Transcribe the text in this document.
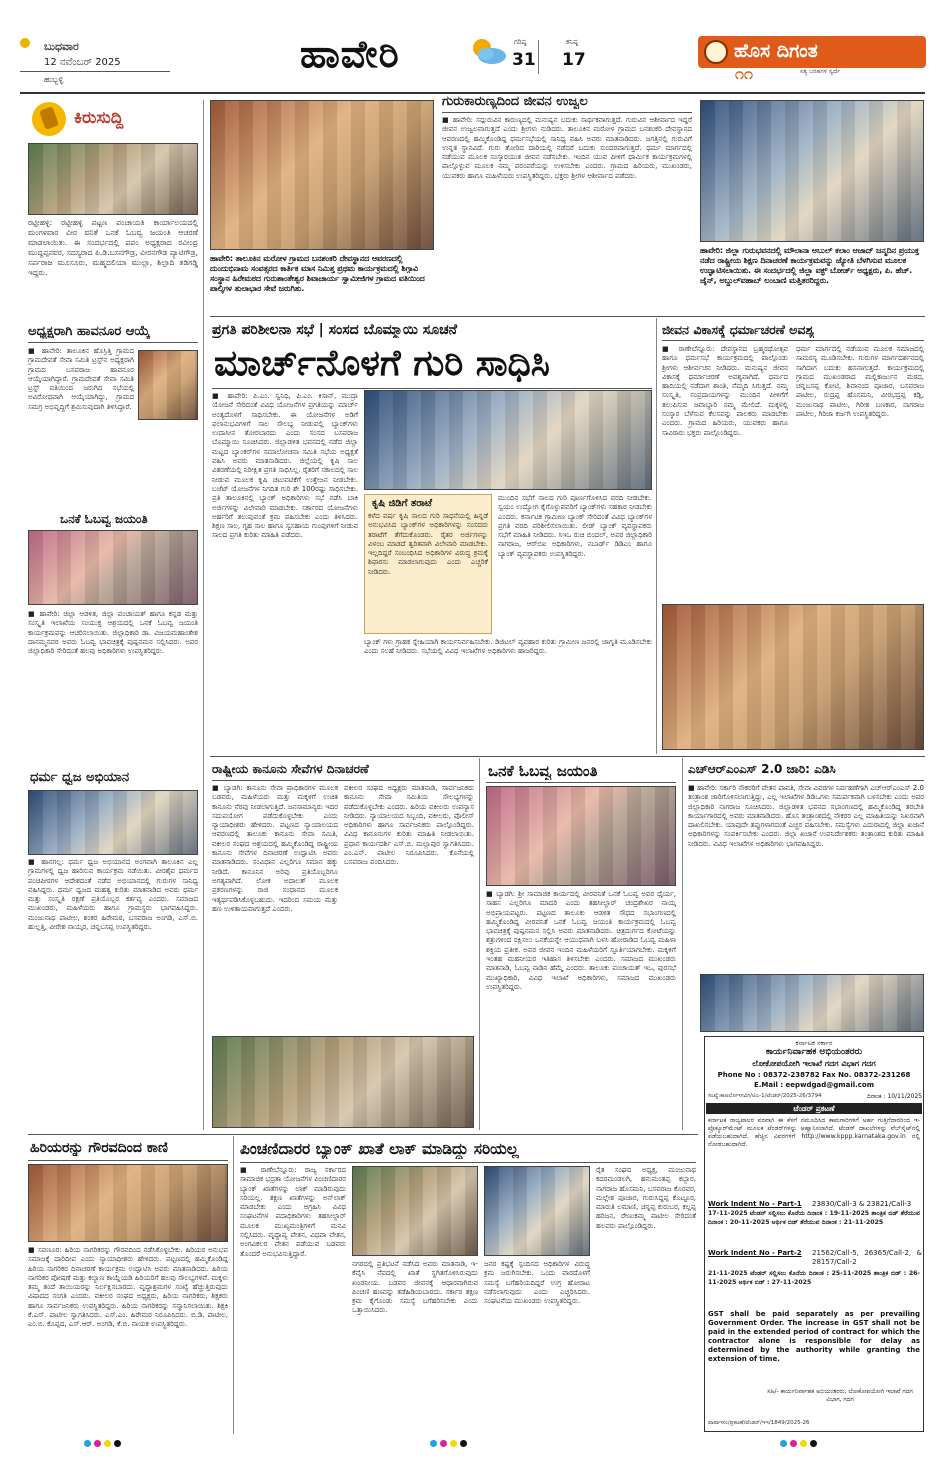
ಬುಧವಾರ
12 ನವೆಂಬರ್ 2025
ಹುಬ್ಬಳ್ಳಿ
ಹಾವೇರಿ	ಗರಿಷ್ಠ
31
ಕನಿಷ್ಠ
17	ಹೊಸ ದಿಗಂತ
ಸತ್ಯ ಬರಹಗಳ ಸ್ವರ್ಧೆ
೧೧
ಕಿರುಸುದ್ದಿ
ರಟ್ಟೀಹಳ್ಳಿ: ರಟ್ಟೀಹಳ್ಳಿ ಪಟ್ಟಣ ಪಂಚಾಯತಿ ಕಾರ್ಯಾಲಯದಲ್ಲಿ ಮಂಗಳವಾರ ವೀರ ವನಿತೆ ಒನಕೆ ಓಬವ್ವ ಜಯಂತಿ ಆಚರಣೆ ಮಾಡಲಾಯಿತು. ಈ ಸಂದರ್ಭದಲ್ಲಿ ಪಪಂ ಅಧ್ಯಕ್ಷರಾದ ರವೀಂದ್ರ ಮುದ್ದಪ್ಪನವರ, ಸದಸ್ಯರಾದ ಪಿ.ಡಿ.ಬಸನಗೌಡ್ರ, ವೀರನಗೌಡ ಪ್ಯಾಟಿಗೌಡ್ರ, ಸರ್ಪರಾಜ ಮೂಸೂರು, ಮಹ್ಮದಲಿಯಾ ಮುಲ್ಲಾ, ಶಿಲ್ಪಾದಿ ತಡಿಗಡ್ಡಿ ಇದ್ದರು.
ಅಧ್ಯಕ್ಷರಾಗಿ ಹಾವನೂರ ಆಯ್ಕೆ
■ ಹಾವೇರಿ: ತಾಲೂಕಿನ ಹೊಸ್ರಿತ್ತಿ ಗ್ರಾಮದ ಗ್ರಾಮದೇವತೆ ಸೇವಾ ಸಮಿತಿ ಟ್ರಸ್ಟ್‌ನ ಅಧ್ಯಕ್ಷರಾಗಿ ಗ್ರಾಮದ ಬಸವರಾಜ ಹಾವನೂರ ಆಯ್ಕೆಯಾಗಿದ್ದಾರೆ. ಗ್ರಾಮದೇವತೆ ಸೇವಾ ಸಮಿತಿ ಟ್ರಸ್ಟ್ ವತಿಯಿಂದ ಜರುಗಿದ ಸಭೆಯಲ್ಲಿ ಅವಿರೋಧವಾಗಿ ಆಯ್ಕೆಯಾಗಿದ್ದು, ಗ್ರಾಮದ ಸಮಗ್ರ ಅಭಿವೃದ್ಧಿಗೆ ಶ್ರಮಿಸುವುದಾಗಿ ತಿಳಿಸಿದ್ದಾರೆ.
ಒನಕೆ ಓಬವ್ವ ಜಯಂತಿ
■ ಹಾವೇರಿ: ಜಿಲ್ಲಾ ಆಡಳಿತ, ಜಿಲ್ಲಾ ಪಂಚಾಯತ್ ಹಾಗೂ ಕನ್ನಡ ಮತ್ತು ಸಂಸ್ಕೃತಿ ಇಲಾಖೆಯ ಸಂಯುಕ್ತ ಆಶ್ರಯದಲ್ಲಿ ಒನಕೆ ಓಬವ್ವ ಜಯಂತಿ ಕಾರ್ಯಕ್ರಮವನ್ನು ಆಚರಿಸಲಾಯಿತು. ಜಿಲ್ಲಾಧಿಕಾರಿ ಡಾ. ವಿಜಯಮಹಾಂತೇಶ ದಾನಮ್ಮನವರ ಅವರು ಓಬವ್ವ ಭಾವಚಿತ್ರಕ್ಕೆ ಪುಷ್ಪನಮನ ಸಲ್ಲಿಸಿದರು. ಅಪರ ಜಿಲ್ಲಾಧಿಕಾರಿ ಸೇರಿದಂತೆ ಹಲವು ಅಧಿಕಾರಿಗಳು ಉಪಸ್ಥಿತರಿದ್ದರು.
ಧರ್ಮ ಧ್ವಜ ಅಭಿಯಾನ
■ ಹಾನಗಲ್ಲ: ಧರ್ಮ ಧ್ವಜ ಅಭಿಯಾನದ ಅಂಗವಾಗಿ ತಾಲೂಕಿನ ಎಲ್ಲ ಗ್ರಾಮಗಳಲ್ಲಿ ಧ್ವಜ ಹಾರಿಸುವ ಕಾರ್ಯಕ್ರಮ ನಡೆಯಿತು. ವೀರಶೈವ ಧರ್ಮದ ಪಂಚಪೀಠಗಳ ಆದೇಶದಂತೆ ನಡೆದ ಅಭಿಯಾನದಲ್ಲಿ ಗುರುಗಳ ಸಾನಿಧ್ಯ ವಹಿಸಿದ್ದರು. ಧರ್ಮ ಧ್ವಜದ ಮಹತ್ವ ಕುರಿತು ಮಾತನಾಡಿದ ಅವರು ಧರ್ಮ ಮತ್ತು ಸಂಸ್ಕೃತಿ ರಕ್ಷಣೆ ಪ್ರತಿಯೊಬ್ಬರ ಕರ್ತವ್ಯ ಎಂದರು. ಸಮಾಜದ ಮುಖಂಡರು, ಮಹಿಳೆಯರು ಹಾಗೂ ಗ್ರಾಮಸ್ಥರು ಭಾಗವಹಿಸಿದ್ದರು. ಮಂಜುನಾಥ ಪಾಟೀಲ, ಶಂಕರ ಹಿರೇಮಠ, ಬಸವರಾಜ ಅಂಗಡಿ, ಎಸ್.ಬಿ. ಹುಲ್ಲತ್ತಿ, ವೀರೇಶ ನಾಯ್ಕರ, ಚನ್ನಬಸಪ್ಪ ಉಪಸ್ಥಿತರಿದ್ದರು.
ಹಾವೇರಿ: ತಾಲೂಕಿನ ಮರೋಳ ಗ್ರಾಮದ ಬನಶಂಕರಿ ದೇವಸ್ಥಾನದ ಆವರಣದಲ್ಲಿ ದುಂದುಭಿನಾಮ ಸಂವತ್ಸರದ ಕಾರ್ತಿಕ ಮಾಸ ನಿಮಿತ್ತ ಪ್ರಥಮ ಕಾರ್ಯಕ್ರಮದಲ್ಲಿ ಶಿಗ್ಗಾವಿ ಸಂಸ್ಥಾನ ಹಿರೇಮಠದ ಗುರುಶಾಂತೇಶ್ವರ ಶಿವಾಚಾರ್ಯ ಸ್ವಾಮೀಜಿಗಳ ಗ್ರಾಮದ ವತಿಯಿಂದ ಪಾಲ್ಕಿಗಳ ತುಲಾಭಾರ ಸೇವೆ ಜರುಗಿತು.
ಗುರುಕಾರುಣ್ಯದಿಂದ ಜೀವನ ಉಜ್ವಲ
■ ಹಾವೇರಿ: ಸದ್ಗುರುವಿನ ಕಾರುಣ್ಯದಲ್ಲಿ ಮನುಷ್ಯನ ಬದುಕು ಸಾರ್ಥಕವಾಗುತ್ತದೆ. ಗುರುವಿನ ಆಶೀರ್ವಾದ ಇದ್ದರೆ ಜೀವನ ಉಜ್ವಲವಾಗುತ್ತದೆ ಎಂದು ಶ್ರೀಗಳು ನುಡಿದರು. ತಾಲೂಕಿನ ಮರೋಳ ಗ್ರಾಮದ ಬನಶಂಕರಿ ದೇವಸ್ಥಾನದ ಆವರಣದಲ್ಲಿ ಹಮ್ಮಿಕೊಂಡಿದ್ದ ಧರ್ಮಸಭೆಯಲ್ಲಿ ಸಾನಿಧ್ಯ ವಹಿಸಿ ಅವರು ಮಾತನಾಡಿದರು. ಜಗತ್ತಿನಲ್ಲಿ ಗುರುವಿಗೆ ಉನ್ನತ ಸ್ಥಾನವಿದೆ. ಗುರು ತೋರಿದ ದಾರಿಯಲ್ಲಿ ನಡೆದರೆ ಬದುಕು ಸುಂದರವಾಗುತ್ತದೆ. ಧರ್ಮ ಮಾರ್ಗದಲ್ಲಿ ನಡೆಯುವ ಮೂಲಕ ಸಂಸ್ಕಾರಯುತ ಜೀವನ ನಡೆಸಬೇಕು. ಇಂದಿನ ಯುವ ಪೀಳಿಗೆ ಧಾರ್ಮಿಕ ಕಾರ್ಯಕ್ರಮಗಳಲ್ಲಿ ಪಾಲ್ಗೊಳ್ಳುವ ಮೂಲಕ ನಮ್ಮ ಪರಂಪರೆಯನ್ನು ಉಳಿಸಬೇಕು ಎಂದರು. ಗ್ರಾಮದ ಹಿರಿಯರು, ಮುಖಂಡರು, ಯುವಕರು ಹಾಗೂ ಮಹಿಳೆಯರು ಉಪಸ್ಥಿತರಿದ್ದರು. ಭಕ್ತರು ಶ್ರೀಗಳ ಆಶೀರ್ವಾದ ಪಡೆದರು.
ಹಾವೇರಿ: ಜಿಲ್ಲಾ ಗುರುಭವನದಲ್ಲಿ ಮೌಲಾನಾ ಅಬುಲ್ ಕಲಾಂ ಆಜಾದ್ ಜನ್ಮದಿನ ಪ್ರಯುಕ್ತ ನಡೆದ ರಾಷ್ಟ್ರೀಯ ಶಿಕ್ಷಣ ದಿನಾಚರಣೆ ಕಾರ್ಯಕ್ರಮವನ್ನು ಜ್ಯೋತಿ ಬೆಳಗಿಸುವ ಮೂಲಕ ಉದ್ಘಾಟಿಸಲಾಯಿತು. ಈ ಸಂದರ್ಭದಲ್ಲಿ ಜಿಲ್ಲಾ ವಕ್ಫ್ ಬೋರ್ಡ್ ಅಧ್ಯಕ್ಷರು, ಪಿ. ಹೆಚ್. ಜೈನ್, ಅಬ್ದುಲ್‌ವಹಾಬ್ ಲಂಬಾಣಿ ಮತ್ತಿತರರಿದ್ದರು.
ಪ್ರಗತಿ ಪರಿಶೀಲನಾ ಸಭೆ | ಸಂಸದ ಬೊಮ್ಮಾಯಿ ಸೂಚನೆ
ಮಾರ್ಚ್‌ನೊಳಗೆ ಗುರಿ ಸಾಧಿಸಿ
■ ಹಾವೇರಿ: ಪಿ.ಎಂ. ಸ್ವನಿಧಿ, ಪಿ.ಎಂ. ಕಿಸಾನ್, ಮುದ್ರಾ ಯೋಜನೆ ಸೇರಿದಂತೆ ವಿವಿಧ ಯೋಜನೆಗಳ ಪ್ರಗತಿಯನ್ನು ಮಾರ್ಚ್ ಅಂತ್ಯದೊಳಗೆ ಸಾಧಿಸಬೇಕು. ಈ ಯೋಜನೆಗಳ ಅಡಿಗೆ ಫಲಾನುಭವಿಗಳಿಗೆ ಸಾಲ ಸೌಲಭ್ಯ ನೀಡುವಲ್ಲಿ ಬ್ಯಾಂಕ್‌ಗಳು ಉದಾಸೀನ ತೋರಬಾರದು ಎಂದು ಸಂಸದ ಬಸವರಾಜ ಬೊಮ್ಮಾಯಿ ಸೂಚಿಸಿದರು. ಜಿಲ್ಲಾಡಳಿತ ಭವನದಲ್ಲಿ ನಡೆದ ಜಿಲ್ಲಾ ಮಟ್ಟದ ಬ್ಯಾಂಕರ್‌ಗಳ ಸಮಾಲೋಚನಾ ಸಮಿತಿ ಸಭೆಯ ಅಧ್ಯಕ್ಷತೆ ವಹಿಸಿ ಅವರು ಮಾತನಾಡಿದರು. ಜಿಲ್ಲೆಯಲ್ಲಿ ಕೃಷಿ ಸಾಲ ವಿತರಣೆಯಲ್ಲಿ ನಿರೀಕ್ಷಿತ ಪ್ರಗತಿ ಸಾಧಿಸಿಲ್ಲ. ರೈತರಿಗೆ ಸಕಾಲದಲ್ಲಿ ಸಾಲ ನೀಡುವ ಮೂಲಕ ಕೃಷಿ ಚಟುವಟಿಕೆಗೆ ಉತ್ತೇಜನ ನೀಡಬೇಕು. ಬಜೆಟ್ ಯೋಜನೆಗಳ ನಿಗದಿತ ಗುರಿ ಶೇ 100ರಷ್ಟು ಸಾಧಿಸಬೇಕು. ಪ್ರತಿ ತಾಲೂಕಿನಲ್ಲಿ ಬ್ಯಾಂಕ್ ಅಧಿಕಾರಿಗಳು ಸಭೆ ನಡೆಸಿ ಬಾಕಿ ಅರ್ಜಿಗಳನ್ನು ವಿಲೇವಾರಿ ಮಾಡಬೇಕು. ಸರ್ಕಾರದ ಯೋಜನೆಗಳು ಅರ್ಹರಿಗೆ ತಲುಪುವಂತೆ ಕ್ರಮ ವಹಿಸಬೇಕು ಎಂದು ತಿಳಿಸಿದರು. ಶಿಕ್ಷಣ ಸಾಲ, ಗೃಹ ಸಾಲ ಹಾಗೂ ಸ್ವಸಹಾಯ ಗುಂಪುಗಳಿಗೆ ನೀಡುವ ಸಾಲದ ಪ್ರಗತಿ ಕುರಿತು ಮಾಹಿತಿ ಪಡೆದರು.
ಕೃಷಿ ಜಿಡಿಗೆ ತರಾಟೆ
ಕಳೆದ ವರ್ಷ ಕೃಷಿ ಸಾಲದ ಗುರಿ ಸಾಧನೆಯಲ್ಲಿ ಹಿನ್ನಡೆ ಅನುಭವಿಸಿದ ಬ್ಯಾಂಕ್‌ಗಳ ಅಧಿಕಾರಿಗಳನ್ನು ಸಂಸದರು ತರಾಟೆಗೆ ತೆಗೆದುಕೊಂಡರು. ರೈತರ ಅರ್ಜಿಗಳನ್ನು ವಿಳಂಬ ಮಾಡದೆ ತ್ವರಿತವಾಗಿ ವಿಲೇವಾರಿ ಮಾಡಬೇಕು. ಇಲ್ಲದಿದ್ದರೆ ಸಂಬಂಧಿಸಿದ ಅಧಿಕಾರಿಗಳ ವಿರುದ್ಧ ಕ್ರಮಕ್ಕೆ ಶಿಫಾರಸು ಮಾಡಲಾಗುವುದು ಎಂದು ಎಚ್ಚರಿಕೆ ನೀಡಿದರು.
ಮುಂದಿನ ಸಭೆಗೆ ಸಾಲದ ಗುರಿ ಪೂರ್ಣಗೊಳಿಸಿದ ವರದಿ ನೀಡಬೇಕು. ಸ್ವಯಂ ಉದ್ಯೋಗ ಕೈಗೊಳ್ಳುವವರಿಗೆ ಬ್ಯಾಂಕ್‌ಗಳು ಸಹಕಾರ ನೀಡಬೇಕು ಎಂದರು. ಕರ್ನಾಟಕ ಗ್ರಾಮೀಣ ಬ್ಯಾಂಕ್ ಸೇರಿದಂತೆ ವಿವಿಧ ಬ್ಯಾಂಕ್‌ಗಳ ಪ್ರಗತಿ ವರದಿ ಪರಿಶೀಲಿಸಲಾಯಿತು. ಲೀಡ್ ಬ್ಯಾಂಕ್ ವ್ಯವಸ್ಥಾಪಕರು ಸಭೆಗೆ ಮಾಹಿತಿ ನೀಡಿದರು. ಸಿಇಒ ರುಚಿ ಬಿಂದಲ್, ಅಪರ ಜಿಲ್ಲಾಧಿಕಾರಿ ನಾಗರಾಜ, ಆರ್‌ಬಿಐ ಅಧಿಕಾರಿಗಳು, ನಬಾರ್ಡ್ ಡಿಡಿಎಂ ಹಾಗೂ ಬ್ಯಾಂಕ್ ವ್ಯವಸ್ಥಾಪಕರು ಉಪಸ್ಥಿತರಿದ್ದರು.
ಬ್ಯಾಂಕ್ ಗಳು ಗ್ರಾಹಕ ಸ್ನೇಹಿಯಾಗಿ ಕಾರ್ಯನಿರ್ವಹಿಸಬೇಕು. ಡಿಜಿಟಲ್ ವ್ಯವಹಾರ ಕುರಿತು ಗ್ರಾಮೀಣ ಜನರಲ್ಲಿ ಜಾಗೃತಿ ಮೂಡಿಸಬೇಕು ಎಂದು ಸಲಹೆ ನೀಡಿದರು. ಸಭೆಯಲ್ಲಿ ವಿವಿಧ ಇಲಾಖೆಗಳ ಅಧಿಕಾರಿಗಳು ಹಾಜರಿದ್ದರು.
ಜೀವನ ವಿಕಾಸಕ್ಕೆ ಧರ್ಮಾಚರಣೆ ಅವಶ್ಯ
■ ರಾಣೇಬೆನ್ನೂರು: ದೇವಸ್ಥಾನದ ಬ್ರಹ್ಮರಥೋತ್ಸವ ಹಾಗೂ ಧರ್ಮಸಭೆ ಕಾರ್ಯಕ್ರಮದಲ್ಲಿ ಪಾಲ್ಗೊಂಡು ಶ್ರೀಗಳು ಆಶೀರ್ವಚನ ನೀಡಿದರು. ಮನುಷ್ಯನ ಜೀವನ ವಿಕಾಸಕ್ಕೆ ಧರ್ಮಾಚರಣೆ ಅವಶ್ಯವಾಗಿದೆ. ಧರ್ಮದ ಹಾದಿಯಲ್ಲಿ ನಡೆದಾಗ ಶಾಂತಿ, ನೆಮ್ಮದಿ ಸಿಗುತ್ತದೆ. ನಮ್ಮ ಸಂಸ್ಕೃತಿ, ಸಂಪ್ರದಾಯಗಳನ್ನು ಮುಂದಿನ ಪೀಳಿಗೆಗೆ ತಲುಪಿಸುವ ಜವಾಬ್ದಾರಿ ನಮ್ಮ ಮೇಲಿದೆ. ಮಕ್ಕಳಲ್ಲಿ ಸಂಸ್ಕಾರ ಬೆಳೆಸುವ ಕೆಲಸವನ್ನು ಪಾಲಕರು ಮಾಡಬೇಕು ಎಂದರು. ಗ್ರಾಮದ ಹಿರಿಯರು, ಯುವಕರು ಹಾಗೂ ಸಾವಿರಾರು ಭಕ್ತರು ಪಾಲ್ಗೊಂಡಿದ್ದರು.
ಧರ್ಮ ಮಾರ್ಗದಲ್ಲಿ ನಡೆಯುವ ಮೂಲಕ ಸಮಾಜದಲ್ಲಿ ಸಾಮರಸ್ಯ ಮೂಡಿಸಬೇಕು. ಗುರುಗಳ ಮಾರ್ಗದರ್ಶನದಲ್ಲಿ ಸಾಗಿದಾಗ ಬದುಕು ಹಸನಾಗುತ್ತದೆ. ಕಾರ್ಯಕ್ರಮದಲ್ಲಿ ಗ್ರಾಮದ ಮುಖಂಡರಾದ ಮಲ್ಲಿಕಾರ್ಜುನ ಮಠದ, ಚನ್ನಬಸಪ್ಪ ಕೋಟಿ, ಶಿವಾನಂದ ಪೂಜಾರ, ಬಸವರಾಜ ಪಾಟೀಲ, ರುದ್ರಪ್ಪ ಹೊಸಮನಿ, ವೀರಭದ್ರಪ್ಪ ಕಡ್ಲಿ, ಮಂಜುನಾಥ ಪಾಟೀಲ, ಗಿರೀಶ ಬಣಕಾರ, ನಾಗರಾಜ ಪಾಟೀಲ, ಗಿರಿಜಾ ಕರ್ಜಗಿ ಉಪಸ್ಥಿತರಿದ್ದರು.
ರಾಷ್ಟ್ರೀಯ ಕಾನೂನು ಸೇವೆಗಳ ದಿನಾಚರಣೆ
■ ಬ್ಯಾಡಗಿ: ಕಾನೂನು ಸೇವಾ ಪ್ರಾಧಿಕಾರಗಳ ಮೂಲಕ ಬಡವರು, ಮಹಿಳೆಯರು ಮತ್ತು ಮಕ್ಕಳಿಗೆ ಉಚಿತ ಕಾನೂನು ನೆರವು ನೀಡಲಾಗುತ್ತಿದೆ. ಜನಸಾಮಾನ್ಯರು ಇದರ ಸದುಪಯೋಗ ಪಡೆದುಕೊಳ್ಳಬೇಕು ಎಂದು ನ್ಯಾಯಾಧೀಶರು ಹೇಳಿದರು. ಪಟ್ಟಣದ ನ್ಯಾಯಾಲಯದ ಆವರಣದಲ್ಲಿ ತಾಲೂಕು ಕಾನೂನು ಸೇವಾ ಸಮಿತಿ, ವಕೀಲರ ಸಂಘದ ಆಶ್ರಯದಲ್ಲಿ ಹಮ್ಮಿಕೊಂಡಿದ್ದ ರಾಷ್ಟ್ರೀಯ ಕಾನೂನು ಸೇವೆಗಳ ದಿನಾಚರಣೆ ಉದ್ಘಾಟಿಸಿ ಅವರು ಮಾತನಾಡಿದರು. ಸಂವಿಧಾನ ಎಲ್ಲರಿಗೂ ಸಮಾನ ಹಕ್ಕು ನೀಡಿದೆ. ಕಾನೂನಿನ ಅರಿವು ಪ್ರತಿಯೊಬ್ಬರಿಗೂ ಅಗತ್ಯವಾಗಿದೆ. ಲೋಕ ಅದಾಲತ್ ಮೂಲಕ ಪ್ರಕರಣಗಳನ್ನು ರಾಜಿ ಸಂಧಾನದ ಮೂಲಕ ಇತ್ಯರ್ಥಪಡಿಸಿಕೊಳ್ಳಬಹುದು. ಇದರಿಂದ ಸಮಯ ಮತ್ತು ಹಣ ಉಳಿತಾಯವಾಗುತ್ತದೆ ಎಂದರು.
ವಕೀಲರ ಸಂಘದ ಅಧ್ಯಕ್ಷರು ಮಾತನಾಡಿ, ಸಾರ್ವಜನಿಕರು ಕಾನೂನು ಸೇವಾ ಸಮಿತಿಯ ಸೌಲಭ್ಯಗಳನ್ನು ಪಡೆದುಕೊಳ್ಳಬೇಕು ಎಂದರು. ಹಿರಿಯ ವಕೀಲರು ಉಪನ್ಯಾಸ ನೀಡಿದರು. ನ್ಯಾಯಾಲಯದ ಸಿಬ್ಬಂದಿ, ವಕೀಲರು, ಪೊಲೀಸ್ ಅಧಿಕಾರಿಗಳು ಹಾಗೂ ಸಾರ್ವಜನಿಕರು ಪಾಲ್ಗೊಂಡಿದ್ದರು. ವಿವಿಧ ಕಾನೂನುಗಳ ಕುರಿತು ಮಾಹಿತಿ ನೀಡಲಾಯಿತು. ಪ್ರಧಾನ ಕಾರ್ಯದರ್ಶಿ ಎಸ್.ಬಿ. ಮಲ್ಲಾಪುರ ಸ್ವಾಗತಿಸಿದರು. ಎಂ.ಎನ್. ಪಾಟೀಲ ನಿರೂಪಿಸಿದರು. ಕೊನೆಯಲ್ಲಿ ಬಸವರಾಜ ವಂದಿಸಿದರು.
ಒನಕೆ ಓಬವ್ವ ಜಯಂತಿ
■ ಬ್ಯಾಡಗಿ: ಶ್ರೀ ಸಾಮಾಜಿಕ ಕಾರ್ಯದಲ್ಲಿ ವೀರವನಿತೆ ಒನಕೆ ಓಬವ್ವ ಅವರ ಧೈರ್ಯ, ಸಾಹಸ ಎಲ್ಲರಿಗೂ ಮಾದರಿ ಎಂದು ತಹಸೀಲ್ದಾರ್ ಚಂದ್ರಶೇಖರ ನಾಯ್ಕ ಅಭಿಪ್ರಾಯಪಟ್ಟರು. ಪಟ್ಟಣದ ತಾಲೂಕು ಆಡಳಿತ ಸೌಧದ ಸಭಾಂಗಣದಲ್ಲಿ ಹಮ್ಮಿಕೊಂಡಿದ್ದ ವೀರವನಿತೆ ಒನಕೆ ಓಬವ್ವ ಜಯಂತಿ ಕಾರ್ಯಕ್ರಮದಲ್ಲಿ ಓಬವ್ವ ಭಾವಚಿತ್ರಕ್ಕೆ ಪುಷ್ಪನಮನ ಸಲ್ಲಿಸಿ ಅವರು ಮಾತನಾಡಿದರು. ಚಿತ್ರದುರ್ಗದ ಕೋಟೆಯನ್ನು ಶತ್ರುಗಳಿಂದ ರಕ್ಷಿಸಲು ಒನಕೆಯನ್ನೇ ಆಯುಧವಾಗಿ ಬಳಸಿ ಹೋರಾಡಿದ ಓಬವ್ವ ಮಹಿಳಾ ಶಕ್ತಿಯ ಪ್ರತೀಕ. ಅವರ ಜೀವನ ಇಂದಿನ ಮಹಿಳೆಯರಿಗೆ ಸ್ಫೂರ್ತಿಯಾಗಬೇಕು. ಮಕ್ಕಳಿಗೆ ಇಂತಹ ಮಹನೀಯರ ಇತಿಹಾಸ ತಿಳಿಸಬೇಕು ಎಂದರು. ಸಮಾಜದ ಮುಖಂಡರು ಮಾತನಾಡಿ, ಓಬವ್ವ ನಾಡಿನ ಹೆಮ್ಮೆ ಎಂದರು. ತಾಲೂಕು ಪಂಚಾಯತ್ ಇಒ, ಪುರಸಭೆ ಮುಖ್ಯಾಧಿಕಾರಿ, ವಿವಿಧ ಇಲಾಖೆ ಅಧಿಕಾರಿಗಳು, ಸಮಾಜದ ಮುಖಂಡರು ಉಪಸ್ಥಿತರಿದ್ದರು.
ಎಚ್‌ಆರ್‌ಎಂಎಸ್ 2.0 ಜಾರಿ: ಎಡಿಸಿ
■ ಹಾವೇರಿ: ಸರ್ಕಾರಿ ನೌಕರರಿಗೆ ವೇತನ ಪಾವತಿ, ಸೇವಾ ವಿವರಗಳ ನಿರ್ವಹಣೆಗಾಗಿ ಎಚ್‌ಆರ್‌ಎಂಎಸ್ 2.0 ತಂತ್ರಾಂಶ ಜಾರಿಗೊಳಿಸಲಾಗುತ್ತಿದ್ದು, ಎಲ್ಲ ಇಲಾಖೆಗಳ ಡಿಡಿಒಗಳು ಸಮರ್ಪಕವಾಗಿ ಬಳಸಬೇಕು ಎಂದು ಅಪರ ಜಿಲ್ಲಾಧಿಕಾರಿ ನಾಗರಾಜ ಸೂಚಿಸಿದರು. ಜಿಲ್ಲಾಡಳಿತ ಭವನದ ಸಭಾಂಗಣದಲ್ಲಿ ಹಮ್ಮಿಕೊಂಡಿದ್ದ ತರಬೇತಿ ಕಾರ್ಯಾಗಾರದಲ್ಲಿ ಅವರು ಮಾತನಾಡಿದರು. ಹೊಸ ತಂತ್ರಾಂಶದಲ್ಲಿ ನೌಕರರ ಎಲ್ಲ ಮಾಹಿತಿಯನ್ನು ನಿಖರವಾಗಿ ದಾಖಲಿಸಬೇಕು. ಯಾವುದೇ ತಪ್ಪುಗಳಾಗದಂತೆ ಎಚ್ಚರ ವಹಿಸಬೇಕು. ಸಮಸ್ಯೆಗಳು ಎದುರಾದಲ್ಲಿ ಜಿಲ್ಲಾ ಖಜಾನೆ ಅಧಿಕಾರಿಗಳನ್ನು ಸಂಪರ್ಕಿಸಬೇಕು ಎಂದರು. ಜಿಲ್ಲಾ ಖಜಾನೆ ಉಪನಿರ್ದೇಶಕರು ತಂತ್ರಾಂಶದ ಕುರಿತು ಮಾಹಿತಿ ನೀಡಿದರು. ವಿವಿಧ ಇಲಾಖೆಗಳ ಅಧಿಕಾರಿಗಳು ಭಾಗವಹಿಸಿದ್ದರು.
ಕರ್ನಾಟಕ ಸರ್ಕಾರ
ಕಾರ್ಯನಿರ್ವಾಹಕ ಅಭಿಯಂತರರು
ಲೋಕೋಪಯೋಗಿ ಇಲಾಖೆ ಗದಗ ವಿಭಾಗ ಗದಗ
Phone No : 08372-238782 Fax No. 08372-231268
E.Mail : eepwdgad@gmail.com
ಸಂಖ್ಯೆ:ಕಾಅಲೋಇಗವಿಗ/ಟಿಎ-1/ಟೆಂಡರ್/2025-26/3794	ದಿನಾಂಕ : 10/11/2025
ಟೆಂಡರ್ ಪ್ರಕಟಣೆ
ಕರ್ನಾಟಕ ರಾಜ್ಯಪಾಲರ ಪರವಾಗಿ ಈ ಕೆಳಗೆ ನಮೂದಿಸಿದ ಕಾಮಗಾರಿಗಳಿಗೆ ಅರ್ಹ ಗುತ್ತಿಗೆದಾರರಿಂದ ಇ-ಪ್ರೊಕ್ಯೂರ್‌ಮೆಂಟ್ ಮೂಲಕ ಟೆಂಡರ್‌ಗಳನ್ನು ಆಹ್ವಾನಿಸಲಾಗಿದೆ. ಟೆಂಡರ್ ದಾಖಲೆಗಳನ್ನು ವೆಬ್‌ಸೈಟ್‌ನಲ್ಲಿ ಪಡೆಯಬಹುದಾಗಿದೆ. ಹೆಚ್ಚಿನ ವಿವರಗಳಿಗೆ http://www.kppp.karnataka.gov.in ನಲ್ಲಿ ನೋಡಬಹುದಾಗಿದೆ.
Work Indent No - Part-1 23830/Call-3 & 23821/Call-3
17-11-2025 ಟೆಂಡರ್ ಸಲ್ಲಿಸಲು ಕೊನೆಯ ದಿನಾಂಕ : 19-11-2025 ತಾಂತ್ರಿಕ ಬಿಡ್ ತೆರೆಯುವ ದಿನಾಂಕ : 20-11-2025 ಆರ್ಥಿಕ ಬಿಡ್ ತೆರೆಯುವ ದಿನಾಂಕ : 21-11-2025
Work Indent No - Part-2 21562/Call-5, 26365/Call-2, & 28157/Call-2
21-11-2025 ಟೆಂಡರ್ ಸಲ್ಲಿಸಲು ಕೊನೆಯ ದಿನಾಂಕ : 25-11-2025 ತಾಂತ್ರಿಕ ಬಿಡ್ : 26-11-2025 ಆರ್ಥಿಕ ಬಿಡ್ : 27-11-2025
GST shall be paid separately as per prevailing Government Order. The increase in GST shall not be paid in the extended period of contract for which the contractor alone is responsible for delay as determined by the authority while granting the extension of time.
ಸಹಿ/- ಕಾರ್ಯನಿರ್ವಾಹಕ ಅಭಿಯಂತರರು, ಲೋಕೋಪಯೋಗಿ ಇಲಾಖೆ ಗದಗ ವಿಭಾಗ, ಗದಗ
ವಾಪಾಇಸಂ/ಪ್ರಕಟಣೆ/ಟೆಂಡರ್/ಇಇ/1849/2025-26
ಹಿರಿಯರನ್ನು ಗೌರವದಿಂದ ಕಾಣಿ
■ ಸವಣೂರ: ಹಿರಿಯ ನಾಗರಿಕರನ್ನು ಗೌರವದಿಂದ ನಡೆಸಿಕೊಳ್ಳಬೇಕು. ಹಿರಿಯರ ಅನುಭವ ಸಮಾಜಕ್ಕೆ ದಾರಿದೀಪ ಎಂದು ನ್ಯಾಯಾಧೀಶರು ಹೇಳಿದರು. ಪಟ್ಟಣದಲ್ಲಿ ಹಮ್ಮಿಕೊಂಡಿದ್ದ ಹಿರಿಯ ನಾಗರಿಕರ ದಿನಾಚರಣೆ ಕಾರ್ಯಕ್ರಮ ಉದ್ಘಾಟಿಸಿ ಅವರು ಮಾತನಾಡಿದರು. ಹಿರಿಯ ನಾಗರಿಕರ ಪೋಷಣೆ ಮತ್ತು ಕಲ್ಯಾಣ ಕಾಯ್ದೆಯಡಿ ಹಿರಿಯರಿಗೆ ಹಲವು ಸೌಲಭ್ಯಗಳಿವೆ. ಮಕ್ಕಳು ತಮ್ಮ ತಂದೆ ತಾಯಿಯರನ್ನು ನಿರ್ಲಕ್ಷಿಸಬಾರದು. ವೃದ್ಧಾಶ್ರಮಗಳ ಸಂಖ್ಯೆ ಹೆಚ್ಚುತ್ತಿರುವುದು ವಿಷಾದದ ಸಂಗತಿ ಎಂದರು. ವಕೀಲರ ಸಂಘದ ಅಧ್ಯಕ್ಷರು, ಹಿರಿಯ ನಾಗರಿಕರು, ಶಿಕ್ಷಕರು ಹಾಗೂ ಸಾರ್ವಜನಿಕರು ಉಪಸ್ಥಿತರಿದ್ದರು. ಹಿರಿಯ ನಾಗರಿಕರನ್ನು ಸನ್ಮಾನಿಸಲಾಯಿತು. ಶಿಕ್ಷಕಿ ಕೆ.ಎಸ್. ಪಾಟೀಲ ಸ್ವಾಗತಿಸಿದರು. ಎಸ್.ಎಂ. ಹಿರೇಮಠ ನಿರೂಪಿಸಿದರು. ಬಿ.ಡಿ. ಪಾಟೀಲ, ಎಂ.ಬಿ. ಕೊಪ್ಪದ, ಎಸ್.ಆರ್. ಅಂಗಡಿ, ಕೆ.ಬಿ. ನಾಯಕ ಉಪಸ್ಥಿತರಿದ್ದರು.
ಪಿಂಚಣಿದಾರರ ಬ್ಯಾಂಕ್ ಖಾತೆ ಲಾಕ್ ಮಾಡಿದ್ದು ಸರಿಯಲ್ಲ
■ ರಾಣೇಬೆನ್ನೂರು: ರಾಜ್ಯ ಸರ್ಕಾರದ ಸಾಮಾಜಿಕ ಭದ್ರತಾ ಯೋಜನೆಗಳ ಪಿಂಚಣಿದಾರರ ಬ್ಯಾಂಕ್ ಖಾತೆಗಳನ್ನು ಲಾಕ್ ಮಾಡಿರುವುದು ಸರಿಯಲ್ಲ. ತಕ್ಷಣ ಖಾತೆಗಳನ್ನು ಅನ್‌ಲಾಕ್ ಮಾಡಬೇಕು ಎಂದು ಆಗ್ರಹಿಸಿ ವಿವಿಧ ಸಂಘಟನೆಗಳ ಪದಾಧಿಕಾರಿಗಳು ತಹಸೀಲ್ದಾರ್ ಮೂಲಕ ಮುಖ್ಯಮಂತ್ರಿಗಳಿಗೆ ಮನವಿ ಸಲ್ಲಿಸಿದರು. ವೃದ್ಧಾಪ್ಯ ವೇತನ, ವಿಧವಾ ವೇತನ, ಅಂಗವಿಕಲರ ವೇತನ ಪಡೆಯುವ ಬಡವರು ತೊಂದರೆ ಅನುಭವಿಸುತ್ತಿದ್ದಾರೆ.
ನಗರದಲ್ಲಿ ಪ್ರತಿಭಟನೆ ನಡೆಸಿದ ಅವರು ಮಾತನಾಡಿ, ಇ-ಕೆವೈಸಿ ನೆಪದಲ್ಲಿ ಖಾತೆ ಸ್ಥಗಿತಗೊಳಿಸಿರುವುದು ಖಂಡನೀಯ. ಬಡವರ ಜೀವನಕ್ಕೆ ಆಧಾರವಾಗಿರುವ ಪಿಂಚಣಿ ಹಣವನ್ನು ತಡೆಹಿಡಿಯಬಾರದು. ಸರ್ಕಾರ ತಕ್ಷಣ ಕ್ರಮ ಕೈಗೊಂಡು ಸಮಸ್ಯೆ ಬಗೆಹರಿಸಬೇಕು ಎಂದು ಒತ್ತಾಯಿಸಿದರು.
ಜನರ ಕಷ್ಟಕ್ಕೆ ಸ್ಪಂದಿಸದ ಅಧಿಕಾರಿಗಳ ವಿರುದ್ಧ ಕ್ರಮ ಜರುಗಿಸಬೇಕು. ಒಂದು ವಾರದೊಳಗೆ ಸಮಸ್ಯೆ ಬಗೆಹರಿಯದಿದ್ದರೆ ಉಗ್ರ ಹೋರಾಟ ನಡೆಸಲಾಗುವುದು ಎಂದು ಎಚ್ಚರಿಸಿದರು. ಸಂಘಟನೆಯ ಮುಖಂಡರು ಉಪಸ್ಥಿತರಿದ್ದರು.
ರೈತ ಸಂಘದ ಅಧ್ಯಕ್ಷ, ಮಂಜುನಾಥ ಕದರಮಂಡಲಗಿ, ಹನುಮಂತಪ್ಪ ಕಬ್ಬಾರ, ನಾಗರಾಜ ಹೊಸಮನಿ, ಬಸವರಾಜ ಕೊರವರ, ಮಲ್ಲೇಶ ಪೂಜಾರ, ಗುರುಸಿದ್ದಪ್ಪ ಕೊಟ್ಟೂರ, ಮಾರುತಿ ಲಮಾಣಿ, ಚನ್ನಪ್ಪ ಕುರುಬರ, ಕಲ್ಲಪ್ಪ ಹರಿಜನ, ರೇಣುಕಮ್ಮ ಪಾಟೀಲ ಸೇರಿದಂತೆ ಹಲವರು ಪಾಲ್ಗೊಂಡಿದ್ದರು.
